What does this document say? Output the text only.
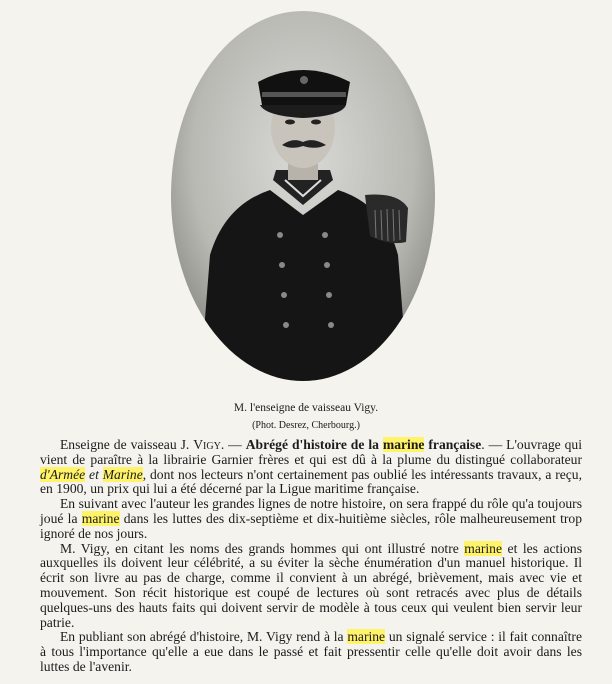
M. l'enseigne de vaisseau Vigy.
(Phot. Desrez, Cherbourg.)

Enseigne de vaisseau J. Vigy. — Abrégé d'histoire de la marine française. — L'ouvrage qui vient de paraître à la librairie Garnier frères et qui est dû à la plume du distingué collaborateur d'Armée et Marine, dont nos lecteurs n'ont certainement pas oublié les intéressants travaux, a reçu, en 1900, un prix qui lui a été décerné par la Ligue maritime française.

En suivant avec l'auteur les grandes lignes de notre histoire, on sera frappé du rôle qu'a toujours joué la marine dans les luttes des dix-septième et dix-huitième siècles, rôle malheureusement trop ignoré de nos jours.

M. Vigy, en citant les noms des grands hommes qui ont illustré notre marine et les actions auxquelles ils doivent leur célébrité, a su éviter la sèche énumération d'un manuel historique. Il écrit son livre au pas de charge, comme il convient à un abrégé, brièvement, mais avec vie et mouvement. Son récit historique est coupé de lectures où sont retracés avec plus de détails quelques-uns des hauts faits qui doivent servir de modèle à tous ceux qui veulent bien servir leur patrie.

En publiant son abrégé d'histoire, M. Vigy rend à la marine un signalé service : il fait connaître à tous l'importance qu'elle a eue dans le passé et fait pressentir celle qu'elle doit avoir dans les luttes de l'avenir.
